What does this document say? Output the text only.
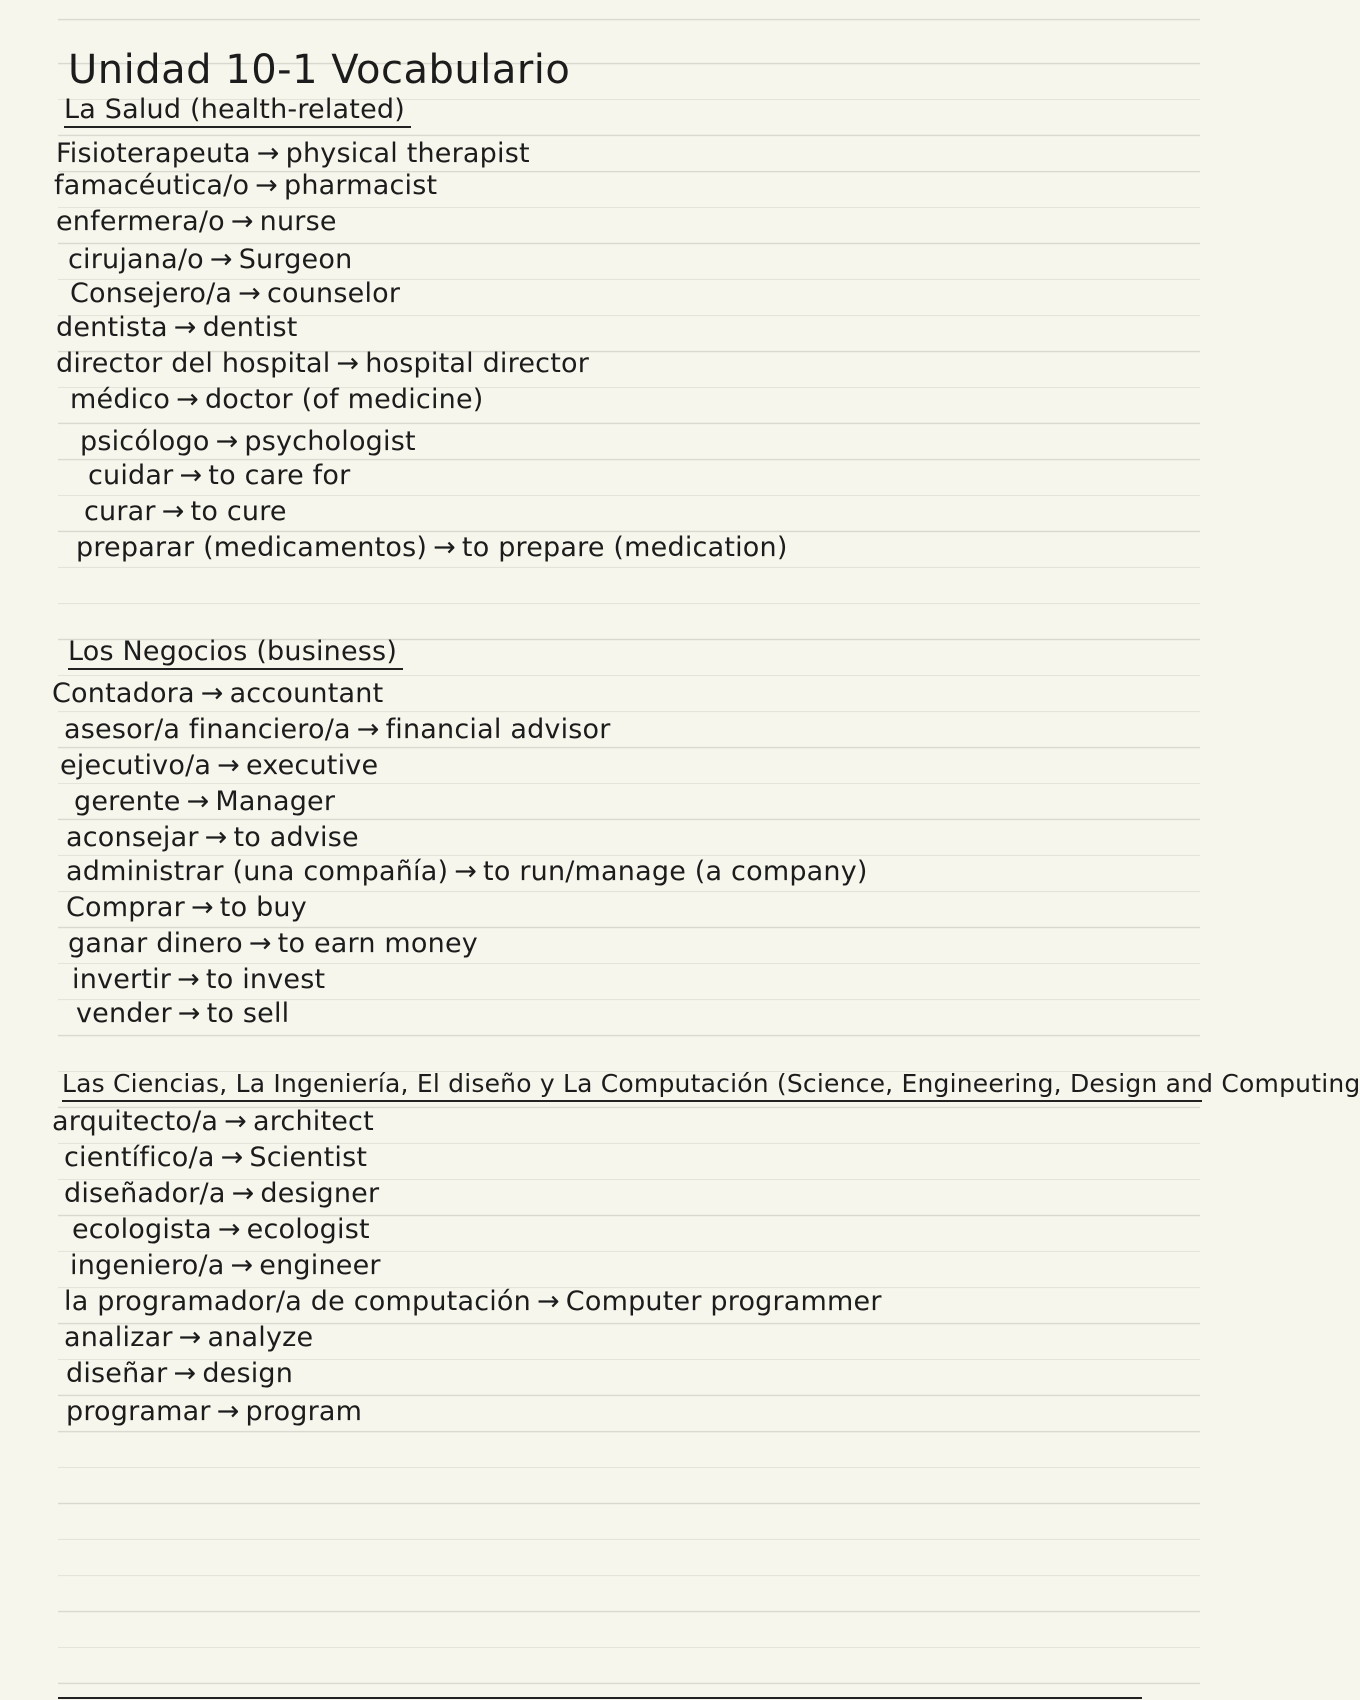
Unidad 10-1 Vocabulario
La Salud (health-related)
Fisioterapeuta → physical therapist
famacéutica/o → pharmacist
enfermera/o → nurse
cirujana/o → Surgeon
Consejero/a → counselor
dentista → dentist
director del hospital → hospital director
médico → doctor (of medicine)
psicólogo → psychologist
cuidar → to care for
curar → to cure
preparar (medicamentos) → to prepare (medication)
Los Negocios (business)
Contadora → accountant
asesor/a financiero/a → financial advisor
ejecutivo/a → executive
gerente → Manager
aconsejar → to advise
administrar (una compañía) → to run/manage (a company)
Comprar → to buy
ganar dinero → to earn money
invertir → to invest
vender → to sell
Las Ciencias, La Ingeniería, El diseño y La Computación (Science, Engineering, Design and Computing
arquitecto/a → architect
científico/a → Scientist
diseñador/a → designer
ecologista → ecologist
ingeniero/a → engineer
la programador/a de computación → Computer programmer
analizar → analyze
diseñar → design
programar → program
